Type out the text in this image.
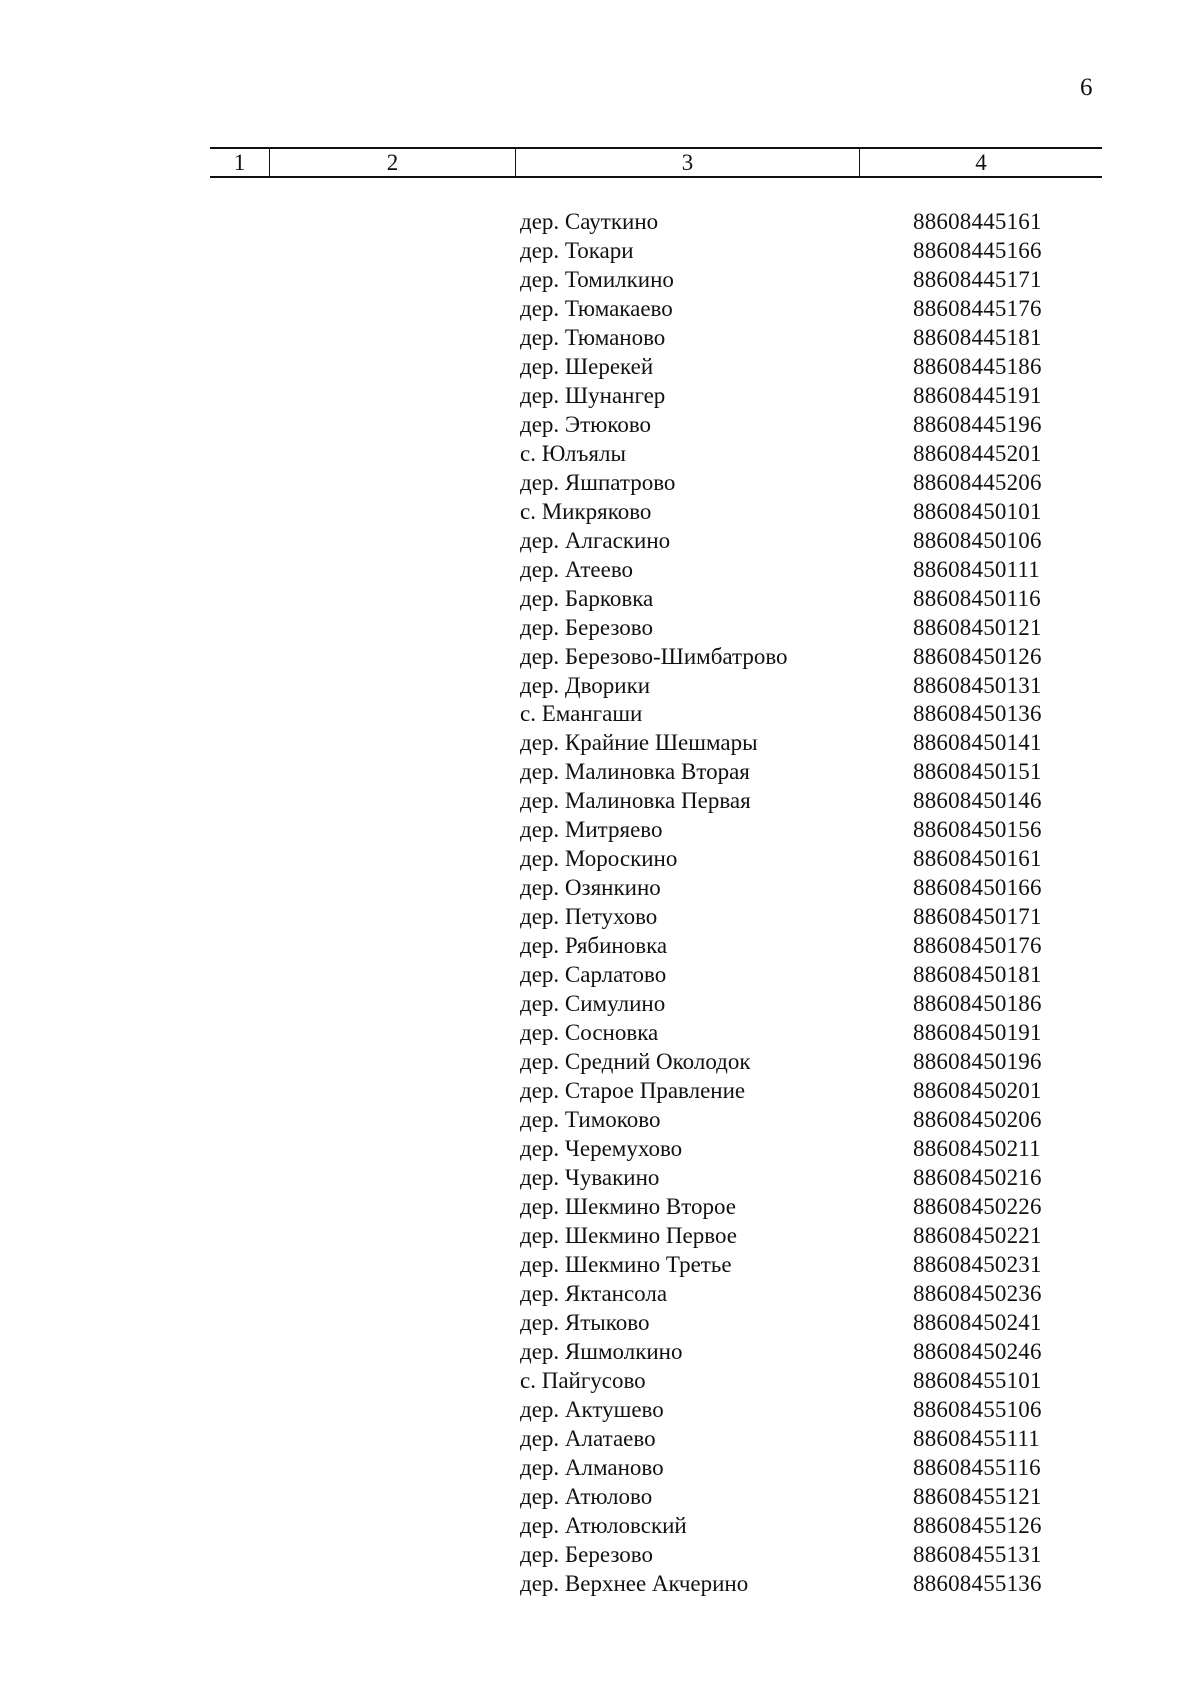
6
1	2	3	4
дер. Сауткино	88608445161
дер. Токари	88608445166
дер. Томилкино	88608445171
дер. Тюмакаево	88608445176
дер. Тюманово	88608445181
дер. Шерекей	88608445186
дер. Шунангер	88608445191
дер. Этюково	88608445196
с. Юлъялы	88608445201
дер. Яшпатрово	88608445206
с. Микряково	88608450101
дер. Алгаскино	88608450106
дер. Атеево	88608450111
дер. Барковка	88608450116
дер. Березово	88608450121
дер. Березово-Шимбатрово	88608450126
дер. Дворики	88608450131
с. Емангаши	88608450136
дер. Крайние Шешмары	88608450141
дер. Малиновка Вторая	88608450151
дер. Малиновка Первая	88608450146
дер. Митряево	88608450156
дер. Мороскино	88608450161
дер. Озянкино	88608450166
дер. Петухово	88608450171
дер. Рябиновка	88608450176
дер. Сарлатово	88608450181
дер. Симулино	88608450186
дер. Сосновка	88608450191
дер. Средний Околодок	88608450196
дер. Старое Правление	88608450201
дер. Тимоково	88608450206
дер. Черемухово	88608450211
дер. Чувакино	88608450216
дер. Шекмино Второе	88608450226
дер. Шекмино Первое	88608450221
дер. Шекмино Третье	88608450231
дер. Яктансола	88608450236
дер. Ятыково	88608450241
дер. Яшмолкино	88608450246
с. Пайгусово	88608455101
дер. Актушево	88608455106
дер. Алатаево	88608455111
дер. Алманово	88608455116
дер. Атюлово	88608455121
дер. Атюловский	88608455126
дер. Березово	88608455131
дер. Верхнее Акчерино	88608455136
